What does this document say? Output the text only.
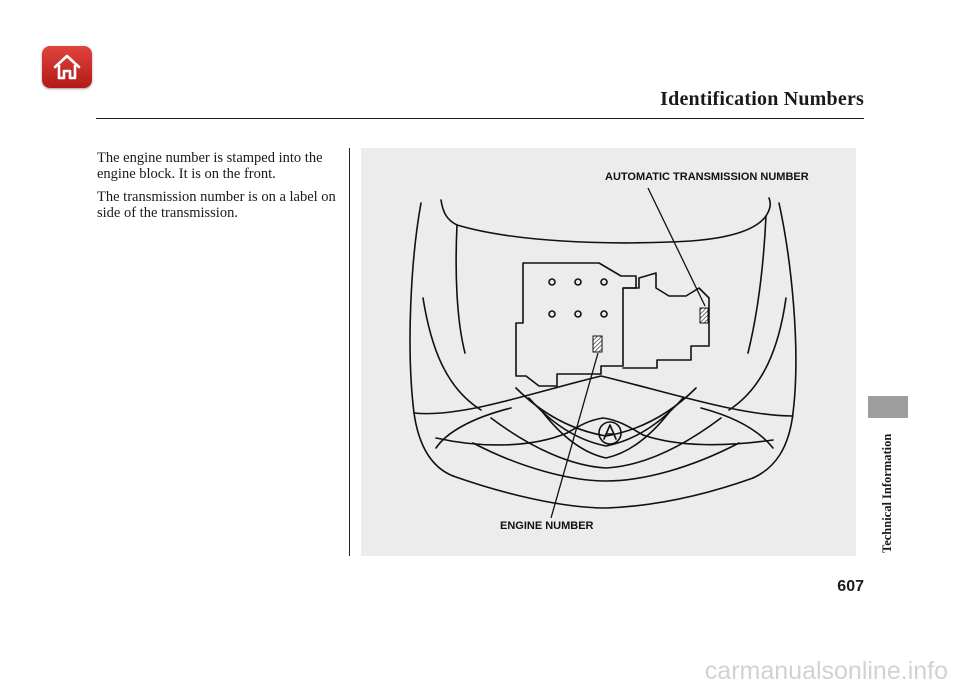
Identification Numbers

The engine number is stamped into the engine block. It is on the front.

The transmission number is on a label on side of the transmission.

AUTOMATIC TRANSMISSION NUMBER
ENGINE NUMBER	Technical Information
607
carmanualsonline.info
